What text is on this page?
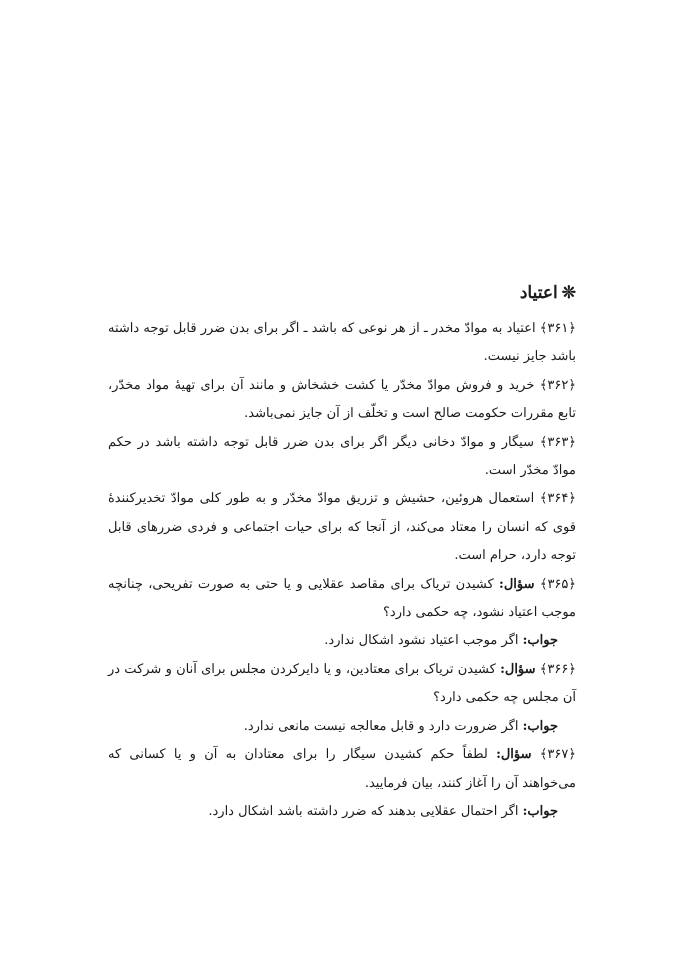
❊اعتیاد

﴿۳۶۱﴾ اعتیاد به موادّ مخدر ـ از هر نوعی که باشد ـ اگر برای بدن ضرر قابل توجه داشته باشد جایز نیست.

﴿۳۶۲﴾ خرید و فروش موادّ مخدّر یا کشت خشخاش و مانند آن برای تهیهٔ مواد مخدّر، تابع مقررات حکومت صالح است و تخلّف از آن جایز نمی‌باشد.

﴿۳۶۳﴾ سیگار و موادّ دخانی دیگر اگر برای بدن ضرر قابل توجه داشته باشد در حکم موادّ مخدّر است.

﴿۳۶۴﴾ استعمال هروئین، حشیش و تزریق موادّ مخدّر و به طور کلی موادّ تخدیرکنندهٔ قوی که انسان را معتاد می‌کند، از آنجا که برای حیات اجتماعی و فردی ضررهای قابل توجه دارد، حرام است.

﴿۳۶۵﴾ سؤال: کشیدن تریاک برای مقاصد عقلایی و یا حتی به صورت تفریحی، چنانچه موجب اعتیاد نشود، چه حکمی دارد؟

جواب: اگر موجب اعتیاد نشود اشکال ندارد.

﴿۳۶۶﴾ سؤال: کشیدن تریاک برای معتادین، و یا دایرکردن مجلس برای آنان و شرکت در آن مجلس چه حکمی دارد؟

جواب: اگر ضرورت دارد و قابل معالجه نیست مانعی ندارد.

﴿۳۶۷﴾ سؤال: لطفاً حکم کشیدن سیگار را برای معتادان به آن و یا کسانی که می‌خواهند آن را آغاز کنند، بیان فرمایید.

جواب: اگر احتمال عقلایی بدهند که ضرر داشته باشد اشکال دارد.
